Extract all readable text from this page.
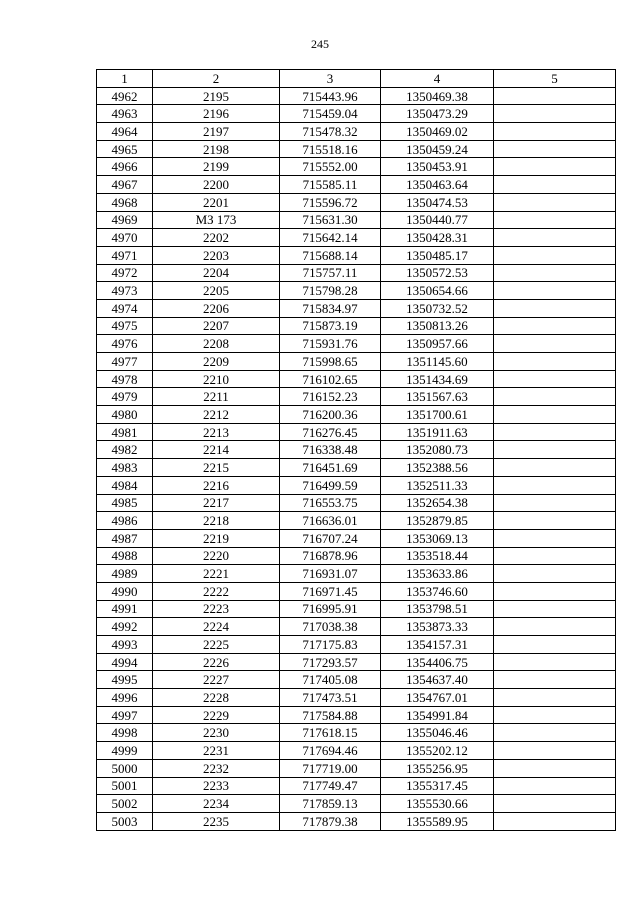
245
1	2	3	4	5
4962	2195	715443.96	1350469.38	
4963	2196	715459.04	1350473.29	
4964	2197	715478.32	1350469.02	
4965	2198	715518.16	1350459.24	
4966	2199	715552.00	1350453.91	
4967	2200	715585.11	1350463.64	
4968	2201	715596.72	1350474.53	
4969	МЗ 173	715631.30	1350440.77	
4970	2202	715642.14	1350428.31	
4971	2203	715688.14	1350485.17	
4972	2204	715757.11	1350572.53	
4973	2205	715798.28	1350654.66	
4974	2206	715834.97	1350732.52	
4975	2207	715873.19	1350813.26	
4976	2208	715931.76	1350957.66	
4977	2209	715998.65	1351145.60	
4978	2210	716102.65	1351434.69	
4979	2211	716152.23	1351567.63	
4980	2212	716200.36	1351700.61	
4981	2213	716276.45	1351911.63	
4982	2214	716338.48	1352080.73	
4983	2215	716451.69	1352388.56	
4984	2216	716499.59	1352511.33	
4985	2217	716553.75	1352654.38	
4986	2218	716636.01	1352879.85	
4987	2219	716707.24	1353069.13	
4988	2220	716878.96	1353518.44	
4989	2221	716931.07	1353633.86	
4990	2222	716971.45	1353746.60	
4991	2223	716995.91	1353798.51	
4992	2224	717038.38	1353873.33	
4993	2225	717175.83	1354157.31	
4994	2226	717293.57	1354406.75	
4995	2227	717405.08	1354637.40	
4996	2228	717473.51	1354767.01	
4997	2229	717584.88	1354991.84	
4998	2230	717618.15	1355046.46	
4999	2231	717694.46	1355202.12	
5000	2232	717719.00	1355256.95	
5001	2233	717749.47	1355317.45	
5002	2234	717859.13	1355530.66	
5003	2235	717879.38	1355589.95	
